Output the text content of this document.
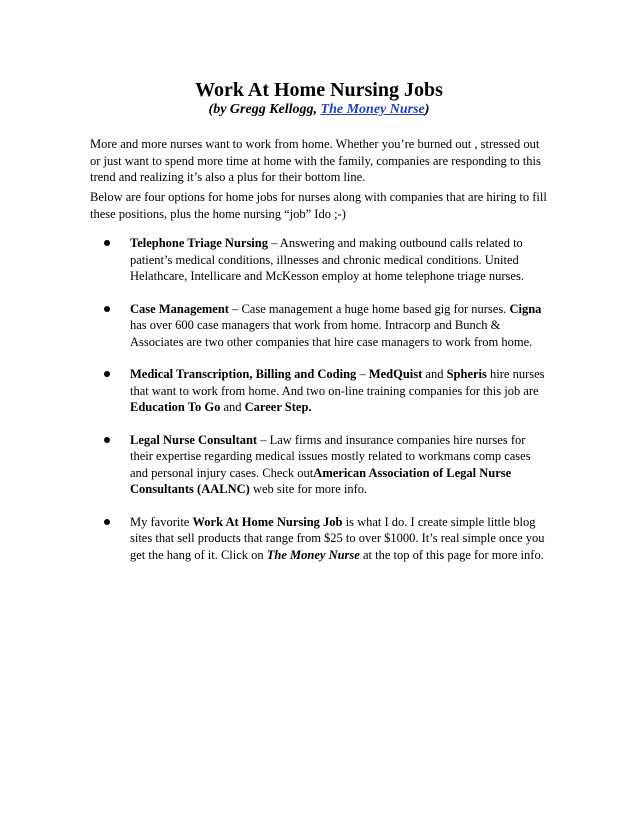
Work At Home Nursing Jobs
(by Gregg Kellogg, The Money Nurse)
More and more nurses want to work from home. Whether you’re burned out , stressed out or just want to spend more time at home with the family, companies are responding to this trend and realizing it’s also a plus for their bottom line.
Below are four options for home jobs for nurses along with companies that are hiring to fill these positions, plus the home nursing “job” Ido ;-)
Telephone Triage Nursing – Answering and making outbound calls related to patient’s medical conditions, illnesses and chronic medical conditions. United Helathcare, Intellicare and McKesson employ at home telephone triage nurses.
Case Management – Case management a huge home based gig for nurses. Cigna has over 600 case managers that work from home. Intracorp and Bunch & Associates are two other companies that hire case managers to work from home.
Medical Transcription, Billing and Coding – MedQuist and Spheris hire nurses that want to work from home. And two on-line training companies for this job are Education To Go and Career Step.
Legal Nurse Consultant – Law firms and insurance companies hire nurses for their expertise regarding medical issues mostly related to workmans comp cases and personal injury cases. Check outAmerican Association of Legal Nurse Consultants (AALNC) web site for more info.
My favorite Work At Home Nursing Job is what I do. I create simple little blog sites that sell products that range from $25 to over $1000. It’s real simple once you get the hang of it. Click on The Money Nurse at the top of this page for more info.
